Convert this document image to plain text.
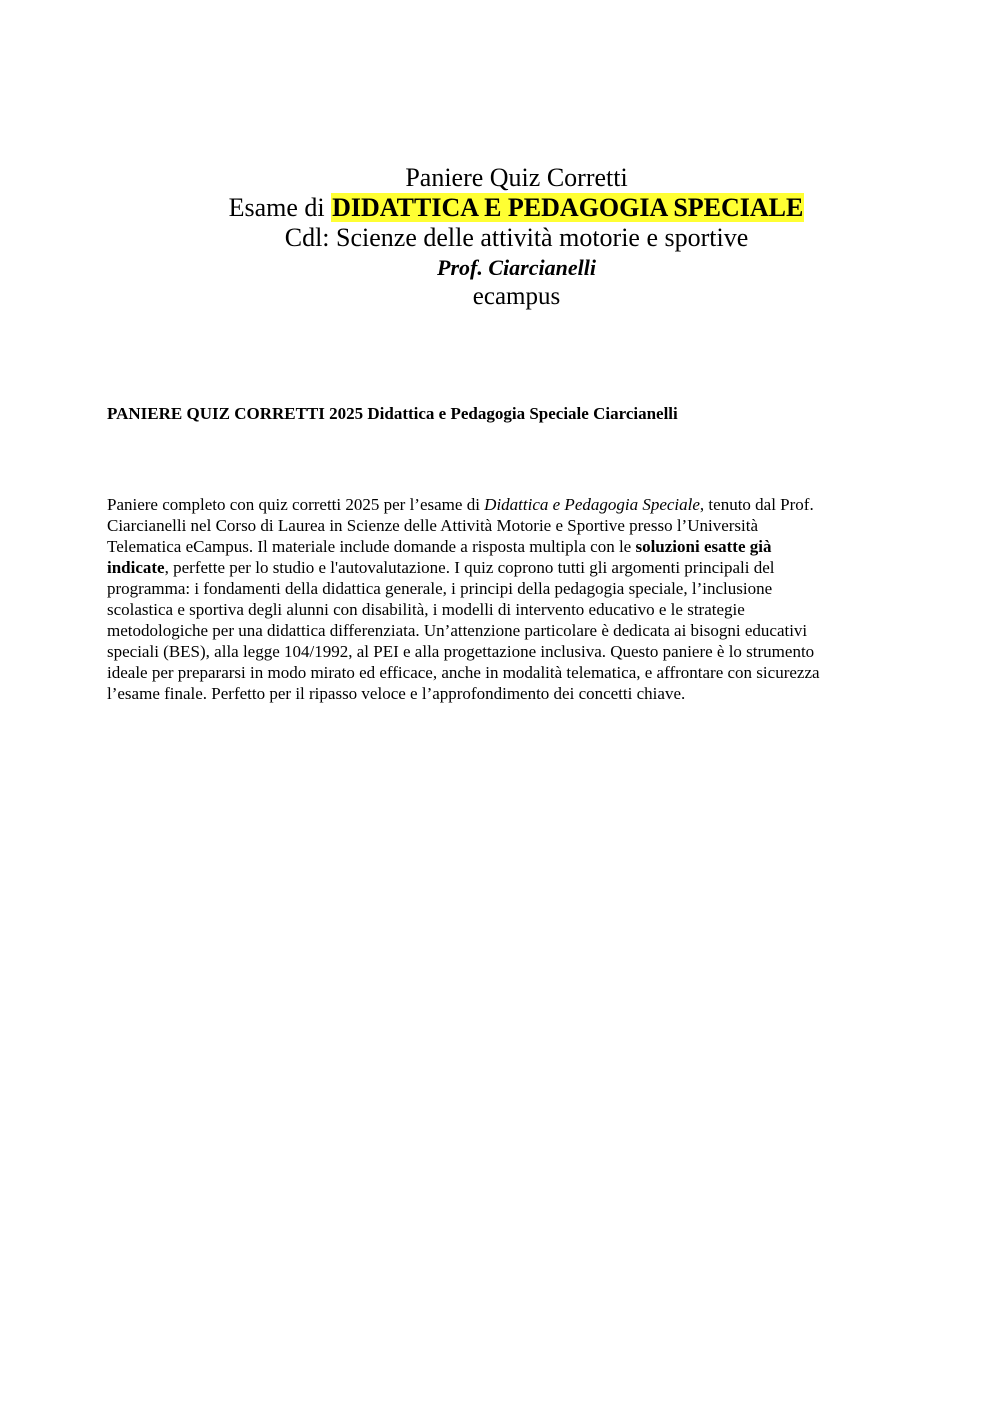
Paniere Quiz Corretti
Esame di DIDATTICA E PEDAGOGIA SPECIALE
Cdl: Scienze delle attività motorie e sportive
Prof. Ciarcianelli
ecampus
PANIERE QUIZ CORRETTI 2025 Didattica e Pedagogia Speciale Ciarcianelli
Paniere completo con quiz corretti 2025 per l’esame di Didattica e Pedagogia Speciale, tenuto dal Prof.
Ciarcianelli nel Corso di Laurea in Scienze delle Attività Motorie e Sportive presso l’Università
Telematica eCampus. Il materiale include domande a risposta multipla con le soluzioni esatte già
indicate, perfette per lo studio e l'autovalutazione. I quiz coprono tutti gli argomenti principali del
programma: i fondamenti della didattica generale, i principi della pedagogia speciale, l’inclusione
scolastica e sportiva degli alunni con disabilità, i modelli di intervento educativo e le strategie
metodologiche per una didattica differenziata. Un’attenzione particolare è dedicata ai bisogni educativi
speciali (BES), alla legge 104/1992, al PEI e alla progettazione inclusiva. Questo paniere è lo strumento
ideale per prepararsi in modo mirato ed efficace, anche in modalità telematica, e affrontare con sicurezza
l’esame finale. Perfetto per il ripasso veloce e l’approfondimento dei concetti chiave.
